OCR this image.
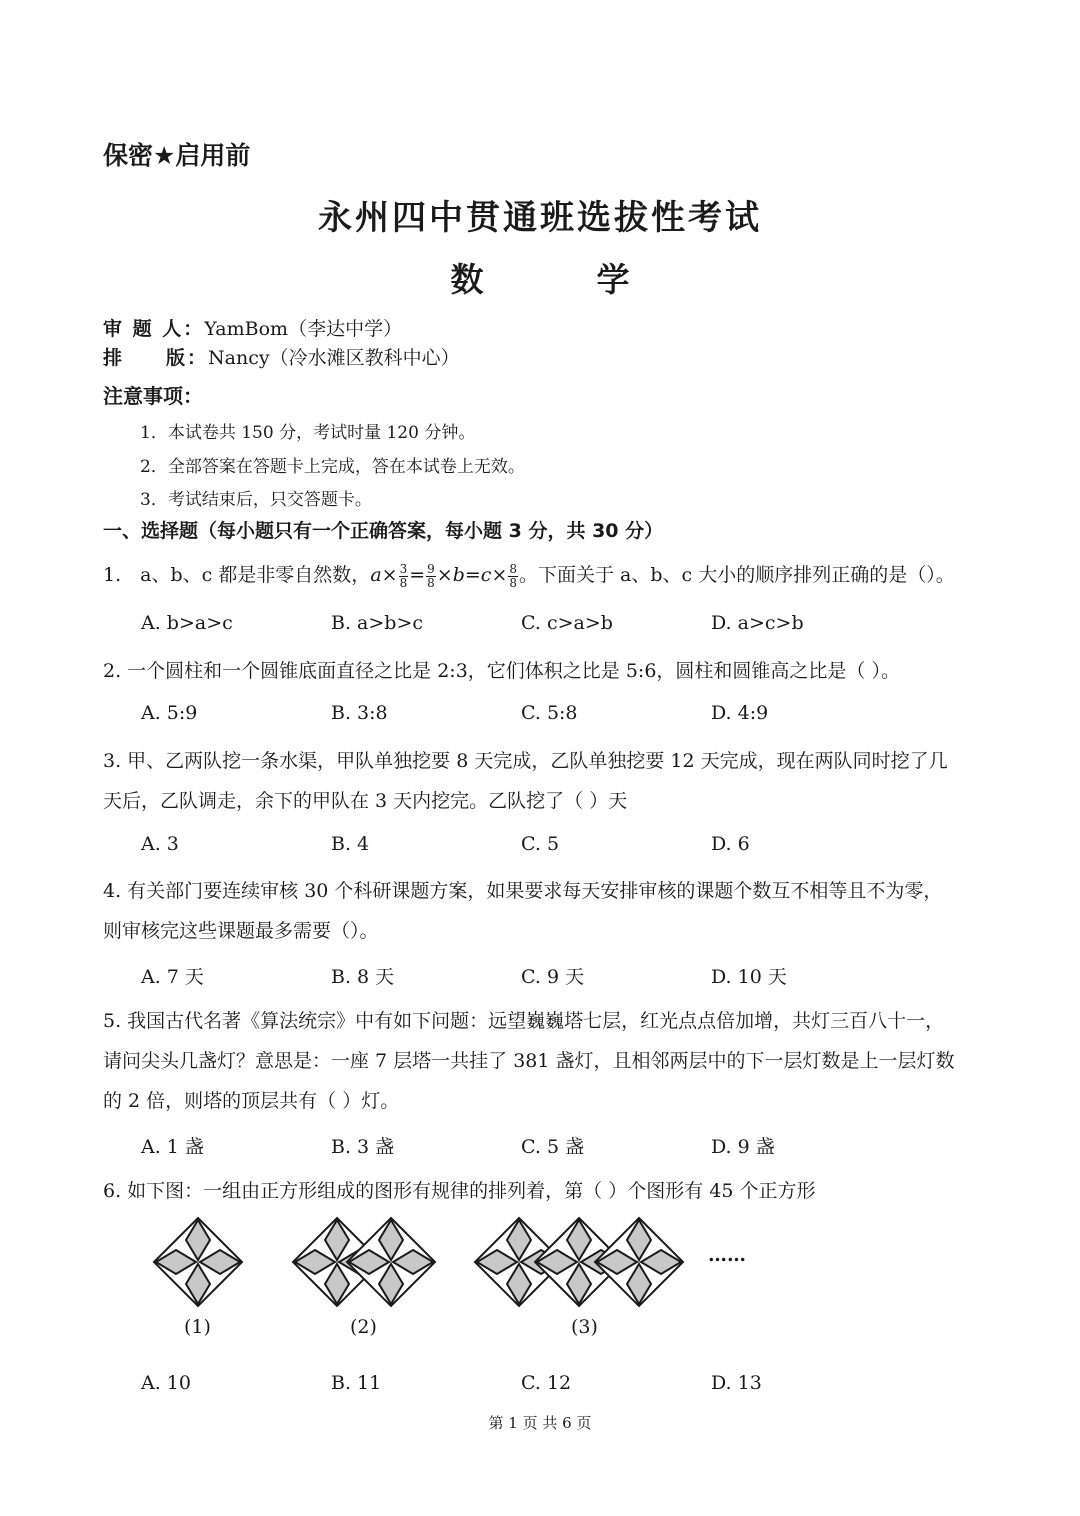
保密★启用前
永州四中贯通班选拔性考试
数　学
审 题 人：YamBom（李达中学）
排　　版：Nancy（冷水滩区教科中心）
注意事项：
1．本试卷共 150 分，考试时量 120 分钟。
2．全部答案在答题卡上完成，答在本试卷上无效。
3．考试结束后，只交答题卡。
一、选择题（每小题只有一个正确答案，每小题 3 分，共 30 分）
1.　a、b、c 都是非零自然数，$a\times \frac{3}{8} = \frac{9}{8} \times b=c\times \frac{8}{8}$ 。下面关于 a、b、c 大小的顺序排列正确的是（）。
A. b>a>c	B. a>b>c	C. c>a>b	D. a>c>b
2. 一个圆柱和一个圆锥底面直径之比是 2:3，它们体积之比是 5:6，圆柱和圆锥高之比是（ ）。
A. 5:9	B. 3:8	C. 5:8	D. 4:9
3. 甲、乙两队挖一条水渠，甲队单独挖要 8 天完成，乙队单独挖要 12 天完成，现在两队同时挖了几
天后，乙队调走，余下的甲队在 3 天内挖完。乙队挖了（ ）天
A. 3	B. 4	C. 5	D. 6
4. 有关部门要连续审核 30 个科研课题方案，如果要求每天安排审核的课题个数互不相等且不为零，
则审核完这些课题最多需要（）。
A. 7 天	B. 8 天	C. 9 天	D. 10 天
5. 我国古代名著《算法统宗》中有如下问题：远望巍巍塔七层，红光点点倍加增，共灯三百八十一，
请问尖头几盏灯？意思是：一座 7 层塔一共挂了 381 盏灯，且相邻两层中的下一层灯数是上一层灯数
的 2 倍，则塔的顶层共有（ ）灯。
A. 1 盏	B. 3 盏	C. 5 盏	D. 9 盏
6. 如下图：一组由正方形组成的图形有规律的排列着，第（ ）个图形有 45 个正方形
(1)	(2)	(3)
……
A. 10	B. 11	C. 12	D. 13
第 1 页 共 6 页
